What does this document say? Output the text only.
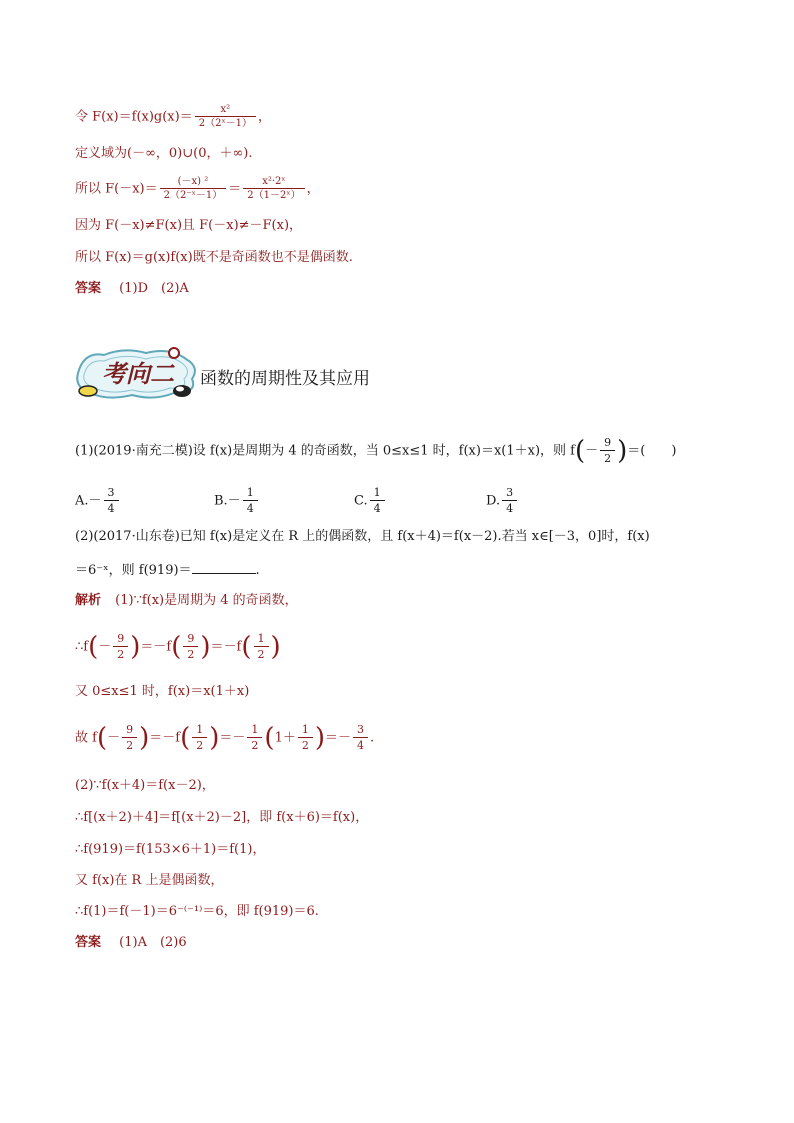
令 $F(x)=f(x)g(x)= \frac{\text{x²}}{\text{2（2ˣ－1）}}$ ，
定义域为(－∞，0)∪(0，＋∞).
所以 $F(-x)= \frac{\text{(－x) ²}}{\text{2（2⁻ˣ－1）}} = \frac{\text{x²·2ˣ}}{\text{2（1－2ˣ）}}$ ，
因为 F(－x)≠F(x)且 F(－x)≠－F(x)，
所以 F(x)＝g(x)f(x)既不是奇函数也不是偶函数.
答案 (1)D　(2)A
考向二 函数的周期性及其应用
(1)(2019·南充二模)设 f(x)是周期为 4 的奇函数，当 0≤x≤1 时，f(x)＝x(1＋x)，则 $f(- \frac{9}{2}$ )＝(　　)
$A.- \frac{3}{4}$	$B.- \frac{1}{4}$	C. $\frac{1}{4}$	D. $\frac{3}{4}$
(2)(2017·山东卷)已知 f(x)是定义在 R 上的偶函数，且 f(x＋4)＝f(x－2).若当 x∈[－3，0]时，f(x)
＝6⁻ˣ，则 f(919)＝	.
解析 (1)∵f(x)是周期为 4 的奇函数，
∴f(－ $\frac{9}{2} )=-f( \frac{9}{2} )=-f( \frac{1}{2}$ )
又 0≤x≤1 时，f(x)＝x(1＋x)
故 $f(- \frac{9}{2} )=-f( \frac{1}{2}$ )＝－ $\frac{1}{2} (1+ \frac{1}{2}$ )＝－ $\frac{3}{4}$ .
(2)∵f(x＋4)＝f(x－2)，
∴f[(x＋2)＋4]＝f[(x＋2)－2]，即 f(x＋6)＝f(x)，
∴f(919)＝f(153×6＋1)＝f(1)，
又 f(x)在 R 上是偶函数，
∴f(1)＝f(－1)＝6⁻⁽⁻¹⁾＝6，即 f(919)＝6.
答案 (1)A　(2)6
